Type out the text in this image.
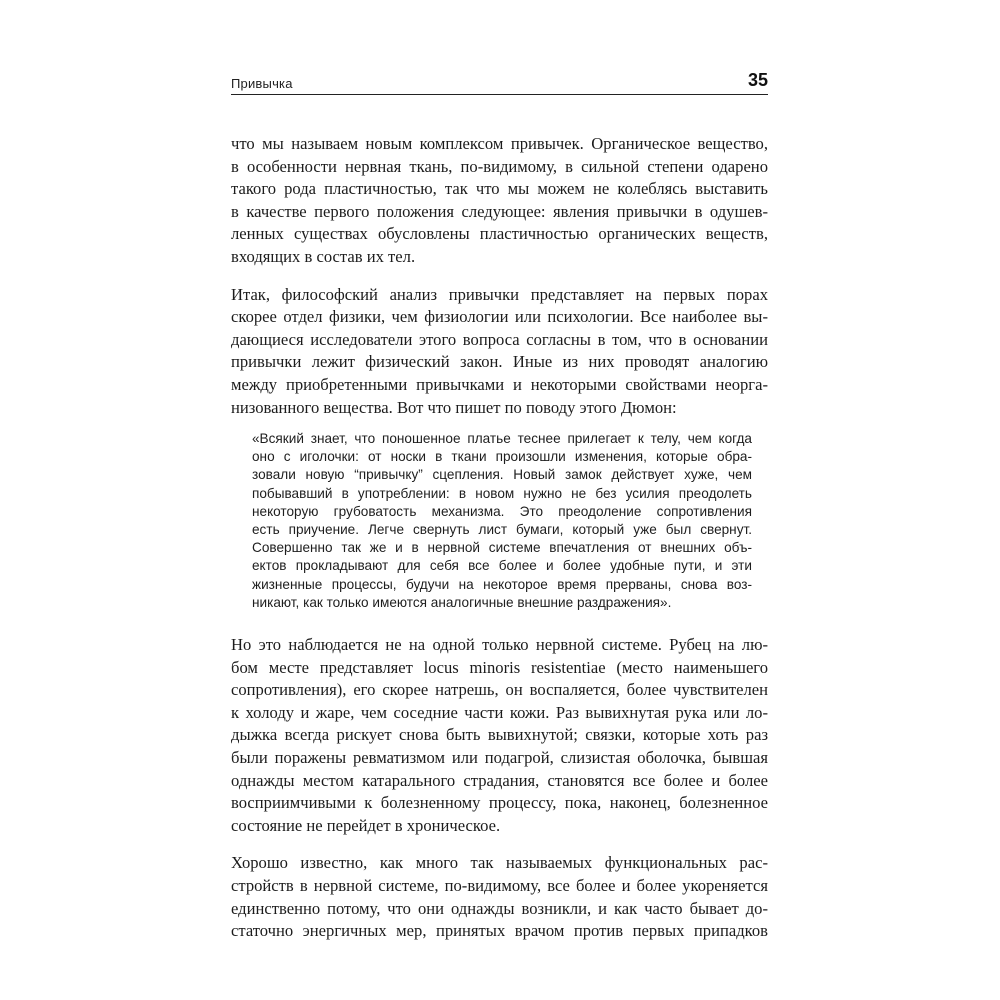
Привычка	35

что мы называем новым комплексом привычек. Органическое вещество,
в особенности нервная ткань, по-видимому, в сильной степени одарено
такого рода пластичностью, так что мы можем не колеблясь выставить
в качестве первого положения следующее: явления привычки в одушев-
ленных существах обусловлены пластичностью органических веществ,
входящих в состав их тел.

Итак, философский анализ привычки представляет на первых порах
скорее отдел физики, чем физиологии или психологии. Все наиболее вы-
дающиеся исследователи этого вопроса согласны в том, что в основании
привычки лежит физический закон. Иные из них проводят аналогию
между приобретенными привычками и некоторыми свойствами неорга-
низованного вещества. Вот что пишет по поводу этого Дюмон:

«Всякий знает, что поношенное платье теснее прилегает к телу, чем когда
оно с иголочки: от носки в ткани произошли изменения, которые обра-
зовали новую “привычку” сцепления. Новый замок действует хуже, чем
побывавший в употреблении: в новом нужно не без усилия преодолеть
некоторую грубоватость механизма. Это преодоление сопротивления
есть приучение. Легче свернуть лист бумаги, который уже был свернут.
Совершенно так же и в нервной системе впечатления от внешних объ-
ектов прокладывают для себя все более и более удобные пути, и эти
жизненные процессы, будучи на некоторое время прерваны, снова воз-
никают, как только имеются аналогичные внешние раздражения».

Но это наблюдается не на одной только нервной системе. Рубец на лю-
бом месте представляет locus minoris resistentiae (место наименьшего
сопротивления), его скорее натрешь, он воспаляется, более чувствителен
к холоду и жаре, чем соседние части кожи. Раз вывихнутая рука или ло-
дыжка всегда рискует снова быть вывихнутой; связки, которые хоть раз
были поражены ревматизмом или подагрой, слизистая оболочка, бывшая
однажды местом катарального страдания, становятся все более и более
восприимчивыми к болезненному процессу, пока, наконец, болезненное
состояние не перейдет в хроническое.

Хорошо известно, как много так называемых функциональных рас-
стройств в нервной системе, по-видимому, все более и более укореняется
единственно потому, что они однажды возникли, и как часто бывает до-
статочно энергичных мер, принятых врачом против первых припадков
